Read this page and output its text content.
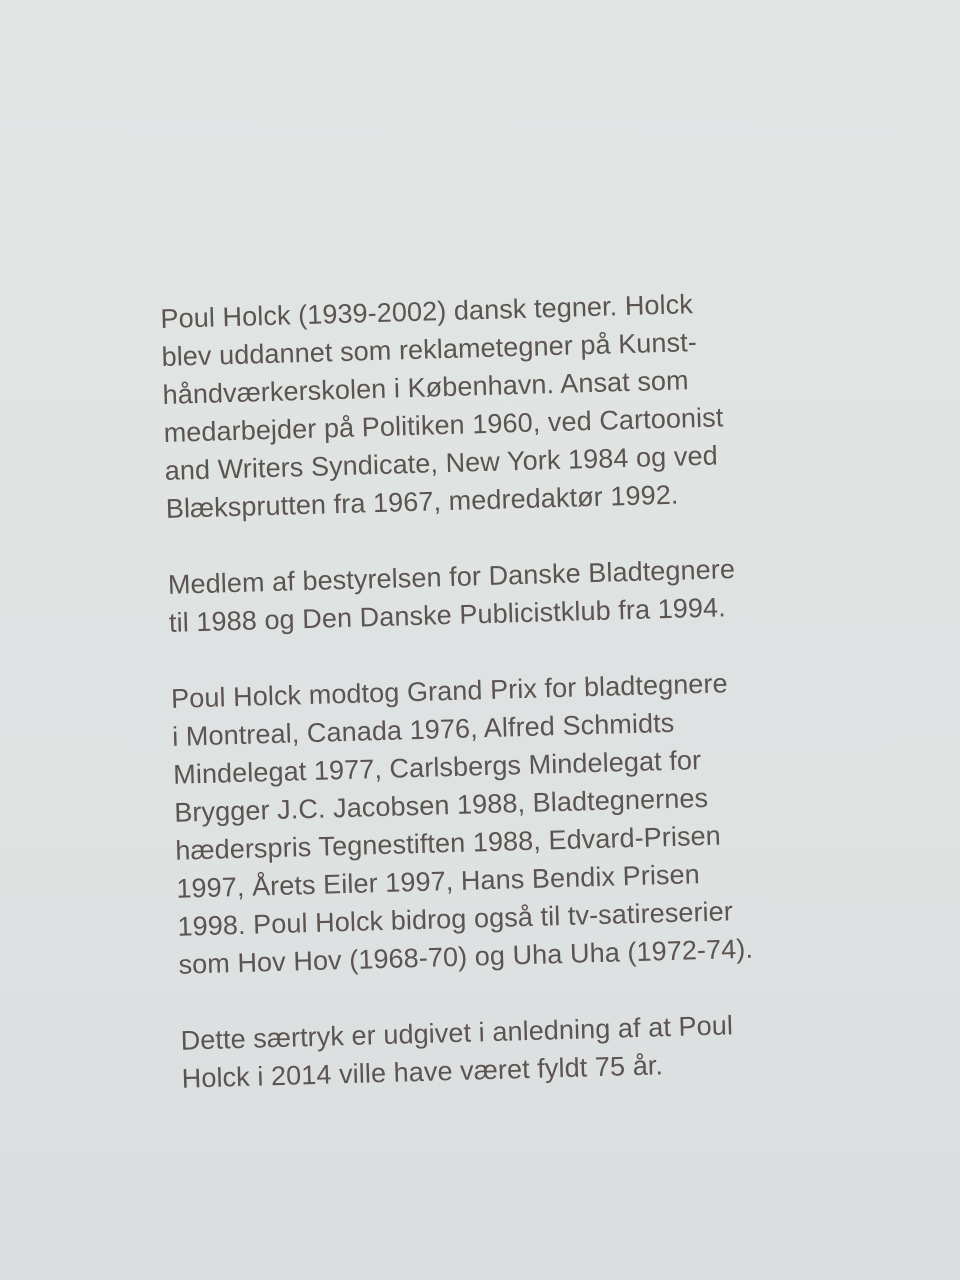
Poul Holck (1939-2002) dansk tegner. Holck
blev uddannet som reklametegner på Kunst-
håndværkerskolen i København. Ansat som
medarbejder på Politiken 1960, ved Cartoonist
and Writers Syndicate, New York 1984 og ved
Blæksprutten fra 1967, medredaktør 1992.

Medlem af bestyrelsen for Danske Bladtegnere
til 1988 og Den Danske Publicistklub fra 1994.

Poul Holck modtog Grand Prix for bladtegnere
i Montreal, Canada 1976, Alfred Schmidts
Mindelegat 1977, Carlsbergs Mindelegat for
Brygger J.C. Jacobsen 1988, Bladtegnernes
hæderspris Tegnestiften 1988, Edvard-Prisen
1997, Årets Eiler 1997, Hans Bendix Prisen
1998. Poul Holck bidrog også til tv-satireserier
som Hov Hov (1968-70) og Uha Uha (1972-74).

Dette særtryk er udgivet i anledning af at Poul
Holck i 2014 ville have været fyldt 75 år.
